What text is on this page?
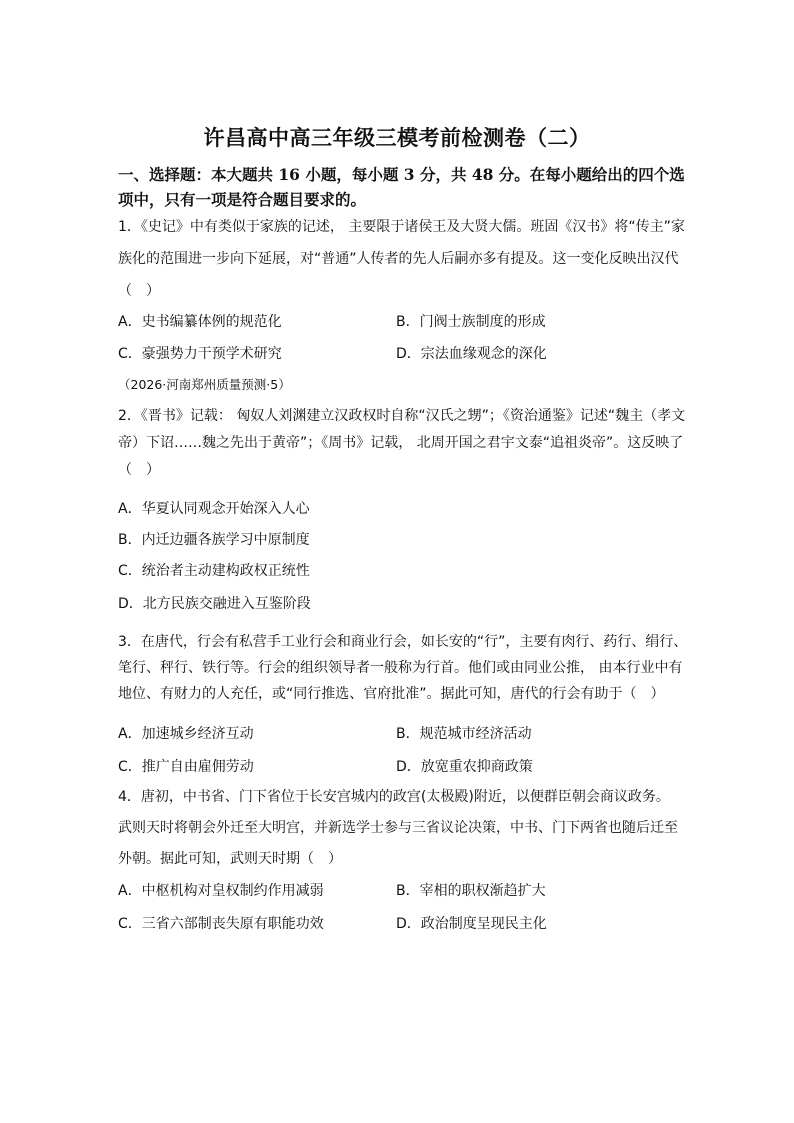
许昌高中高三年级三模考前检测卷（二）
一、选择题：本大题共 16 小题，每小题 3 分，共 48 分。在每小题给出的四个选
项中，只有一项是符合题目要求的。
1．《史记》中有类似于家族的记述， 主要限于诸侯王及大贤大儒。班固《汉书》将“传主”家
族化的范围进一步向下延展，对“普通”人传者的先人后嗣亦多有提及。这一变化反映出汉代
（　）
A．史书编纂体例的规范化	B．门阀士族制度的形成
C．豪强势力干预学术研究	D．宗法血缘观念的深化
（2026·河南郑州质量预测·5）
2．《晋书》记载： 匈奴人刘渊建立汉政权时自称“汉氏之甥”；《资治通鉴》记述“魏主（孝文
帝）下诏……魏之先出于黄帝”；《周书》记载， 北周开国之君宇文泰“追祖炎帝”。这反映了
（　）
A．华夏认同观念开始深入人心
B．内迁边疆各族学习中原制度
C．统治者主动建构政权正统性
D．北方民族交融进入互鉴阶段
3．在唐代，行会有私营手工业行会和商业行会，如长安的“行”，主要有肉行、药行、绢行、
笔行、秤行、铁行等。行会的组织领导者一般称为行首。他们或由同业公推， 由本行业中有
地位、有财力的人充任，或“同行推选、官府批准”。据此可知，唐代的行会有助于（　）
A．加速城乡经济互动	B．规范城市经济活动
C．推广自由雇佣劳动	D．放宽重农抑商政策
4．唐初，中书省、门下省位于长安宫城内的政宫(太极殿)附近，以便群臣朝会商议政务。
武则天时将朝会外迁至大明宫，并新选学士参与三省议论决策，中书、门下两省也随后迁至
外朝。据此可知，武则天时期（　）
A．中枢机构对皇权制约作用减弱	B．宰相的职权渐趋扩大
C．三省六部制丧失原有职能功效	D．政治制度呈现民主化
